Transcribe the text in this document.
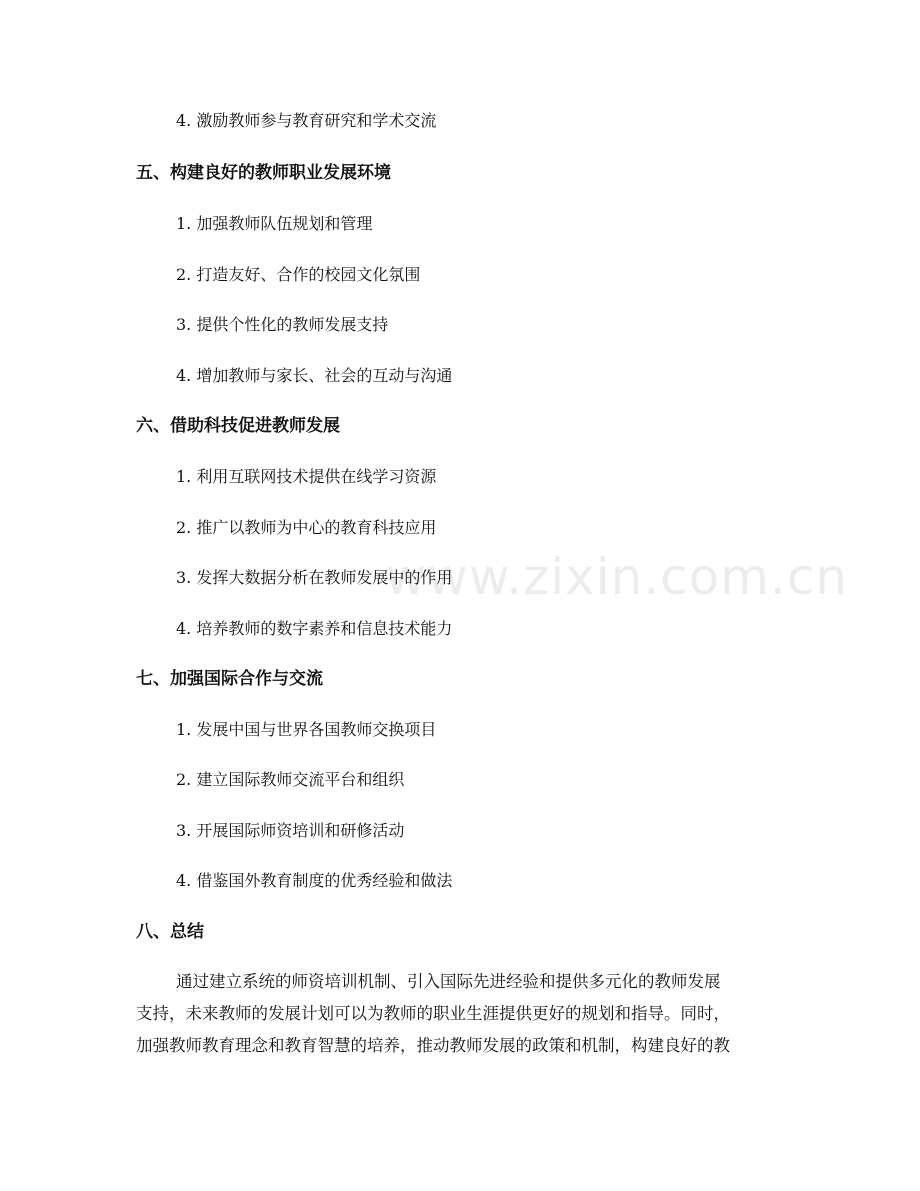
www.zixin.com.cn
4. 激励教师参与教育研究和学术交流
五、构建良好的教师职业发展环境
1. 加强教师队伍规划和管理
2. 打造友好、合作的校园文化氛围
3. 提供个性化的教师发展支持
4. 增加教师与家长、社会的互动与沟通
六、借助科技促进教师发展
1. 利用互联网技术提供在线学习资源
2. 推广以教师为中心的教育科技应用
3. 发挥大数据分析在教师发展中的作用
4. 培养教师的数字素养和信息技术能力
七、加强国际合作与交流
1. 发展中国与世界各国教师交换项目
2. 建立国际教师交流平台和组织
3. 开展国际师资培训和研修活动
4. 借鉴国外教育制度的优秀经验和做法
八、总结
通过建立系统的师资培训机制、引入国际先进经验和提供多元化的教师发展
支持，未来教师的发展计划可以为教师的职业生涯提供更好的规划和指导。同时，
加强教师教育理念和教育智慧的培养，推动教师发展的政策和机制，构建良好的教
